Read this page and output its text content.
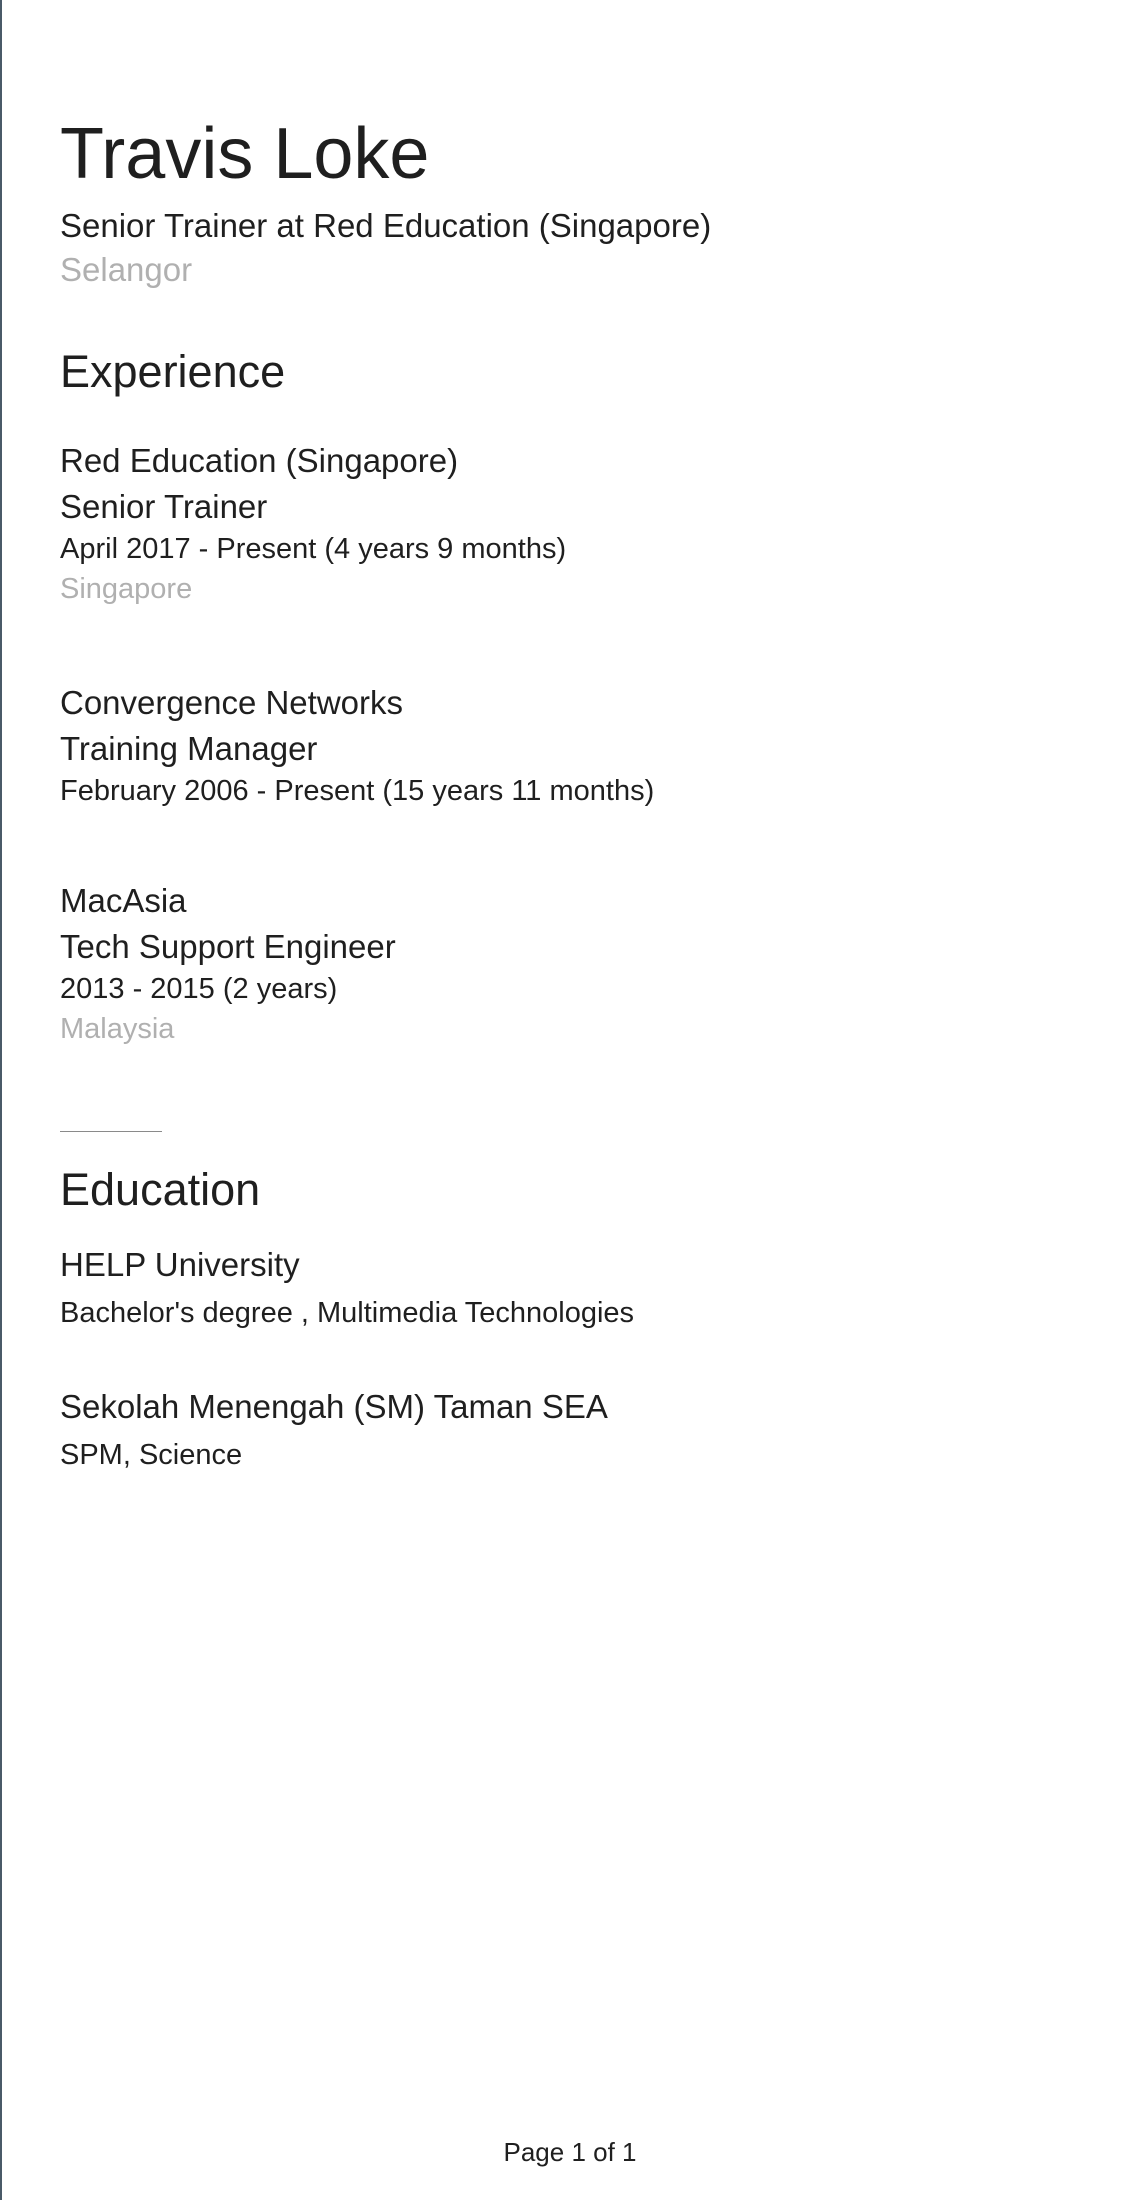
Travis Loke
Senior Trainer at Red Education (Singapore)
Selangor
Experience
Red Education (Singapore)
Senior Trainer
April 2017 - Present (4 years 9 months)
Singapore
Convergence Networks
Training Manager
February 2006 - Present (15 years 11 months)
MacAsia
Tech Support Engineer
2013 - 2015 (2 years)
Malaysia
Education
HELP University
Bachelor's degree , Multimedia Technologies
Sekolah Menengah (SM) Taman SEA
SPM, Science
Page 1 of 1
